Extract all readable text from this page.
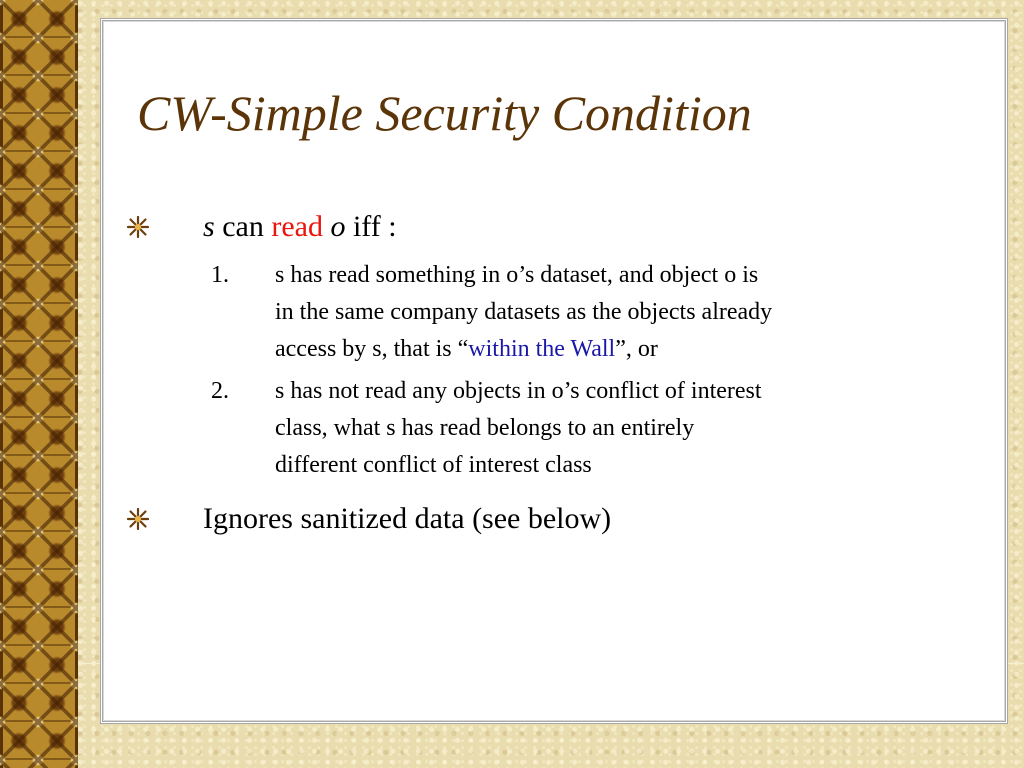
CW-Simple Security Condition
s can read o iff :
1. s has read something in o’s dataset, and object o is
in the same company datasets as the objects already
access by s, that is “within the Wall”, or
2. s has not read any objects in o’s conflict of interest
class, what s has read belongs to an entirely
different conflict of interest class
Ignores sanitized data (see below)
